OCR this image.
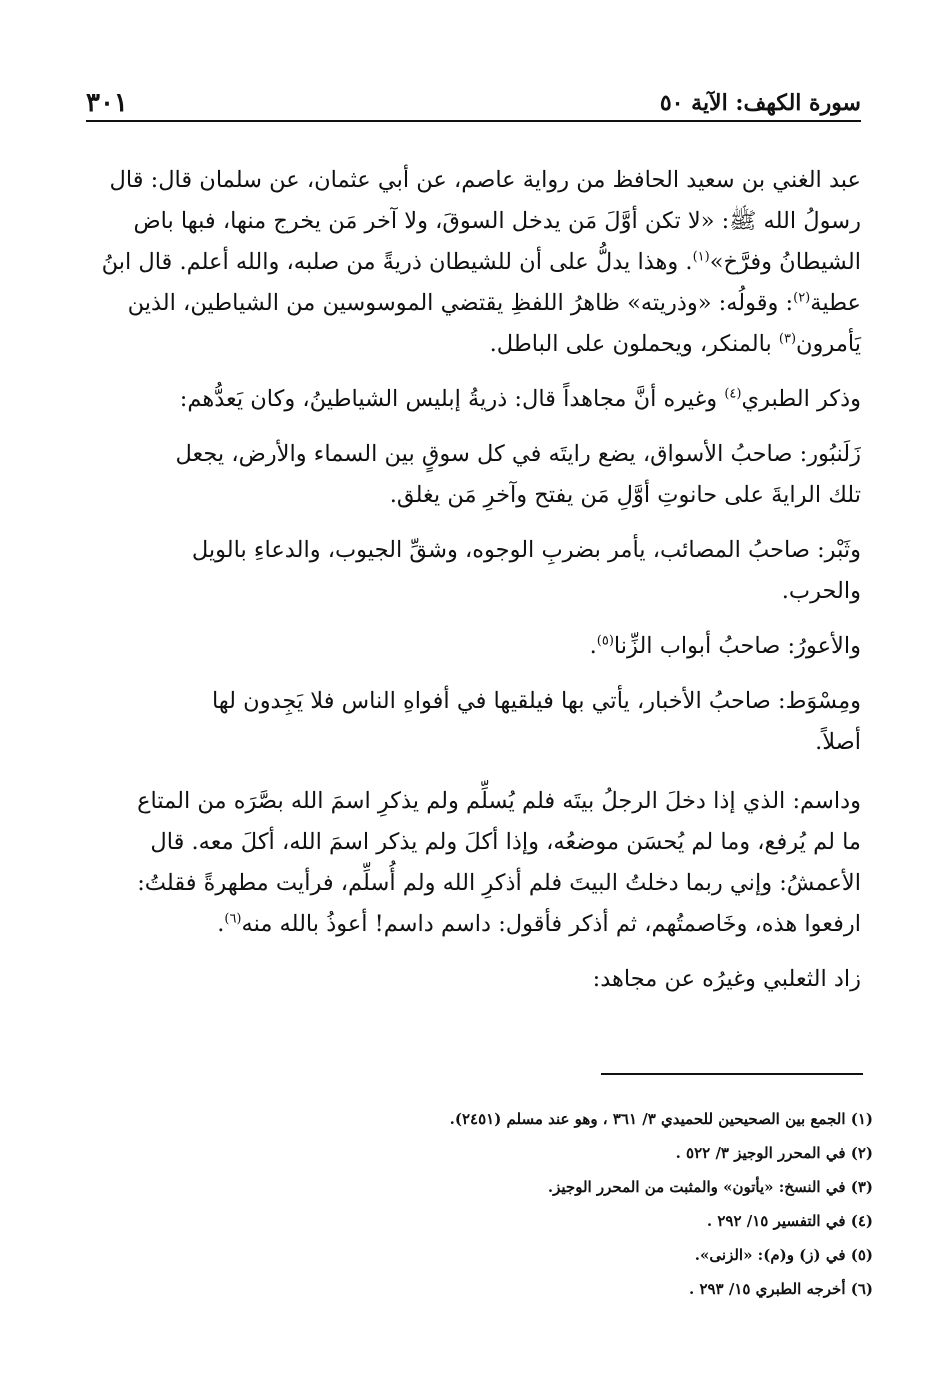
سورة الكهف: الآية ٥٠
٣٠١

عبد الغني بن سعيد الحافظ من رواية عاصم، عن أبي عثمان، عن سلمان قال: قال
رسولُ الله ﷺ: «لا تكن أوَّلَ مَن يدخل السوقَ، ولا آخر مَن يخرج منها، فبها باض
الشيطانُ وفرَّخ»$^{(١)}$. وهذا يدلُّ على أن للشيطان ذريةً من صلبه، والله أعلم. قال ابنُ
عطية$^{(٢)}$: وقولُه: «وذريته» ظاهرُ اللفظِ يقتضي الموسوسين من الشياطين، الذين
يَأمرون$^{(٣)}$ بالمنكر، ويحملون على الباطل.

وذكر الطبري$^{(٤)}$ وغيره أنَّ مجاهداً قال: ذريةُ إبليس الشياطينُ، وكان يَعدُّهم:

زَلَنبُور: صاحبُ الأسواق، يضع رايتَه في كل سوقٍ بين السماء والأرض، يجعل
تلك الرايةَ على حانوتِ أوَّلِ مَن يفتح وآخرِ مَن يغلق.

وثَبْر: صاحبُ المصائب، يأمر بضربِ الوجوه، وشقِّ الجيوب، والدعاءِ بالويل
والحرب.

والأعورُ: صاحبُ أبواب الزِّنا$^{(٥)}$.

ومِسْوَط: صاحبُ الأخبار، يأتي بها فيلقيها في أفواهِ الناس فلا يَجِدون لها
أصلاً.

وداسم: الذي إذا دخلَ الرجلُ بيتَه فلم يُسلِّم ولم يذكرِ اسمَ الله بصَّرَه من المتاع
ما لم يُرفع، وما لم يُحسَن موضعُه، وإذا أكلَ ولم يذكر اسمَ الله، أكلَ معه. قال
الأعمشُ: وإني ربما دخلتُ البيتَ فلم أذكرِ الله ولم أُسلِّم، فرأيت مطهرةً فقلتُ:
ارفعوا هذه، وخَاصمتُهم، ثم أذكر فأقول: داسم داسم! أعوذُ بالله منه$^{(٦)}$.

زاد الثعلبي وغيرُه عن مجاهد:

(١) الجمع بين الصحيحين للحميدي ٣/ ٣٦١ ، وهو عند مسلم (٢٤٥١).
(٢) في المحرر الوجيز ٣/ ٥٢٢ .
(٣) في النسخ: «يأتون» والمثبت من المحرر الوجيز.
(٤) في التفسير ١٥/ ٢٩٢ .
(٥) في (ز) و(م): «الزنى».
(٦) أخرجه الطبري ١٥/ ٢٩٣ .
